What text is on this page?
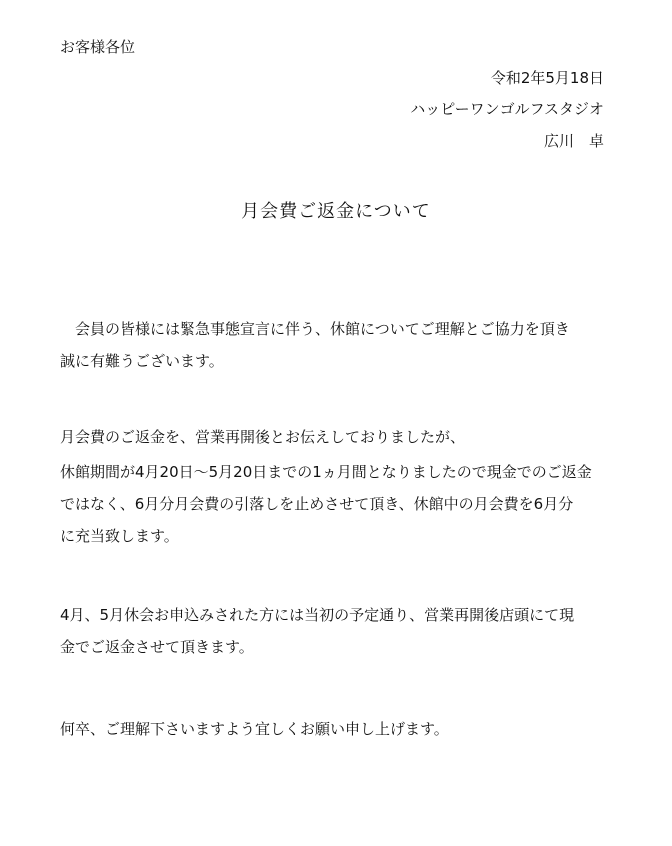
お客様各位
令和2年5月18日
ハッピーワンゴルフスタジオ
広川　卓
月会費ご返金について
　会員の皆様には緊急事態宣言に伴う、休館についてご理解とご協力を頂き
誠に有難うございます。
月会費のご返金を、営業再開後とお伝えしておりましたが、
休館期間が4月20日～5月20日までの1ヵ月間となりましたので現金でのご返金
ではなく、6月分月会費の引落しを止めさせて頂き、休館中の月会費を6月分
に充当致します。
4月、5月休会お申込みされた方には当初の予定通り、営業再開後店頭にて現
金でご返金させて頂きます。
何卒、ご理解下さいますよう宜しくお願い申し上げます。
